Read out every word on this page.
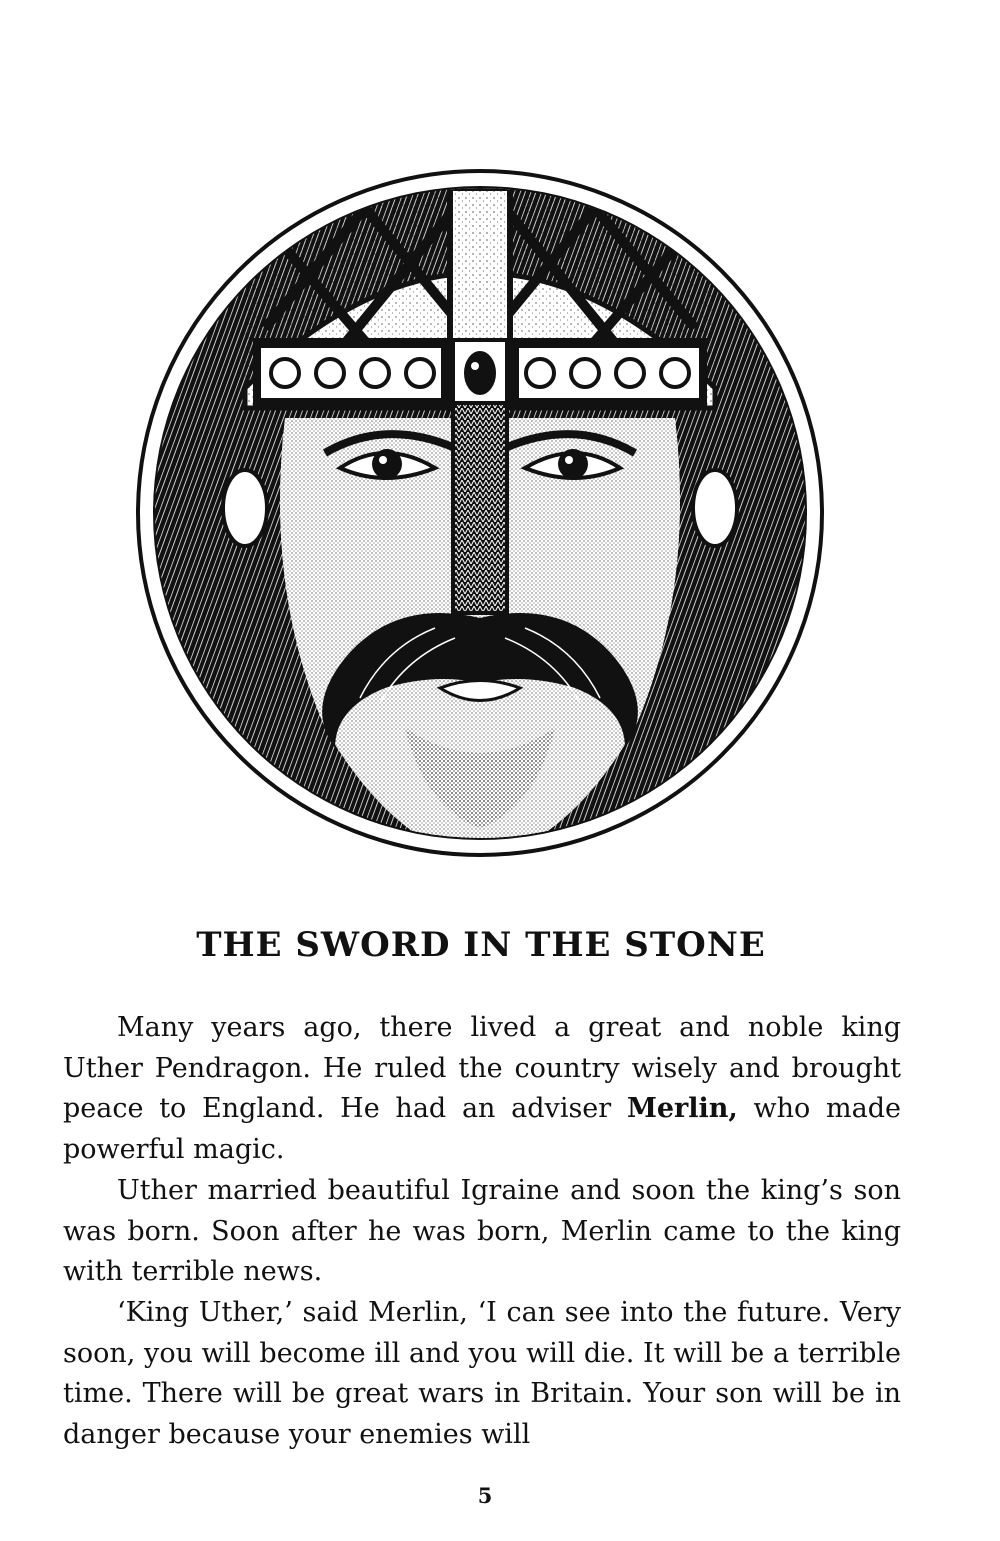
THE SWORD IN THE STONE

Many years ago, there lived a great and noble king Uther Pendragon. He ruled the country wisely and brought peace to England. He had an adviser Merlin, who made powerful magic.

Uther married beautiful Igraine and soon the king’s son was born. Soon after he was born, Merlin came to the king with terrible news.

‘King Uther,’ said Merlin, ‘I can see into the future. Very soon, you will become ill and you will die. It will be a terrible time. There will be great wars in Britain. Your son will be in danger because your enemies will

5
